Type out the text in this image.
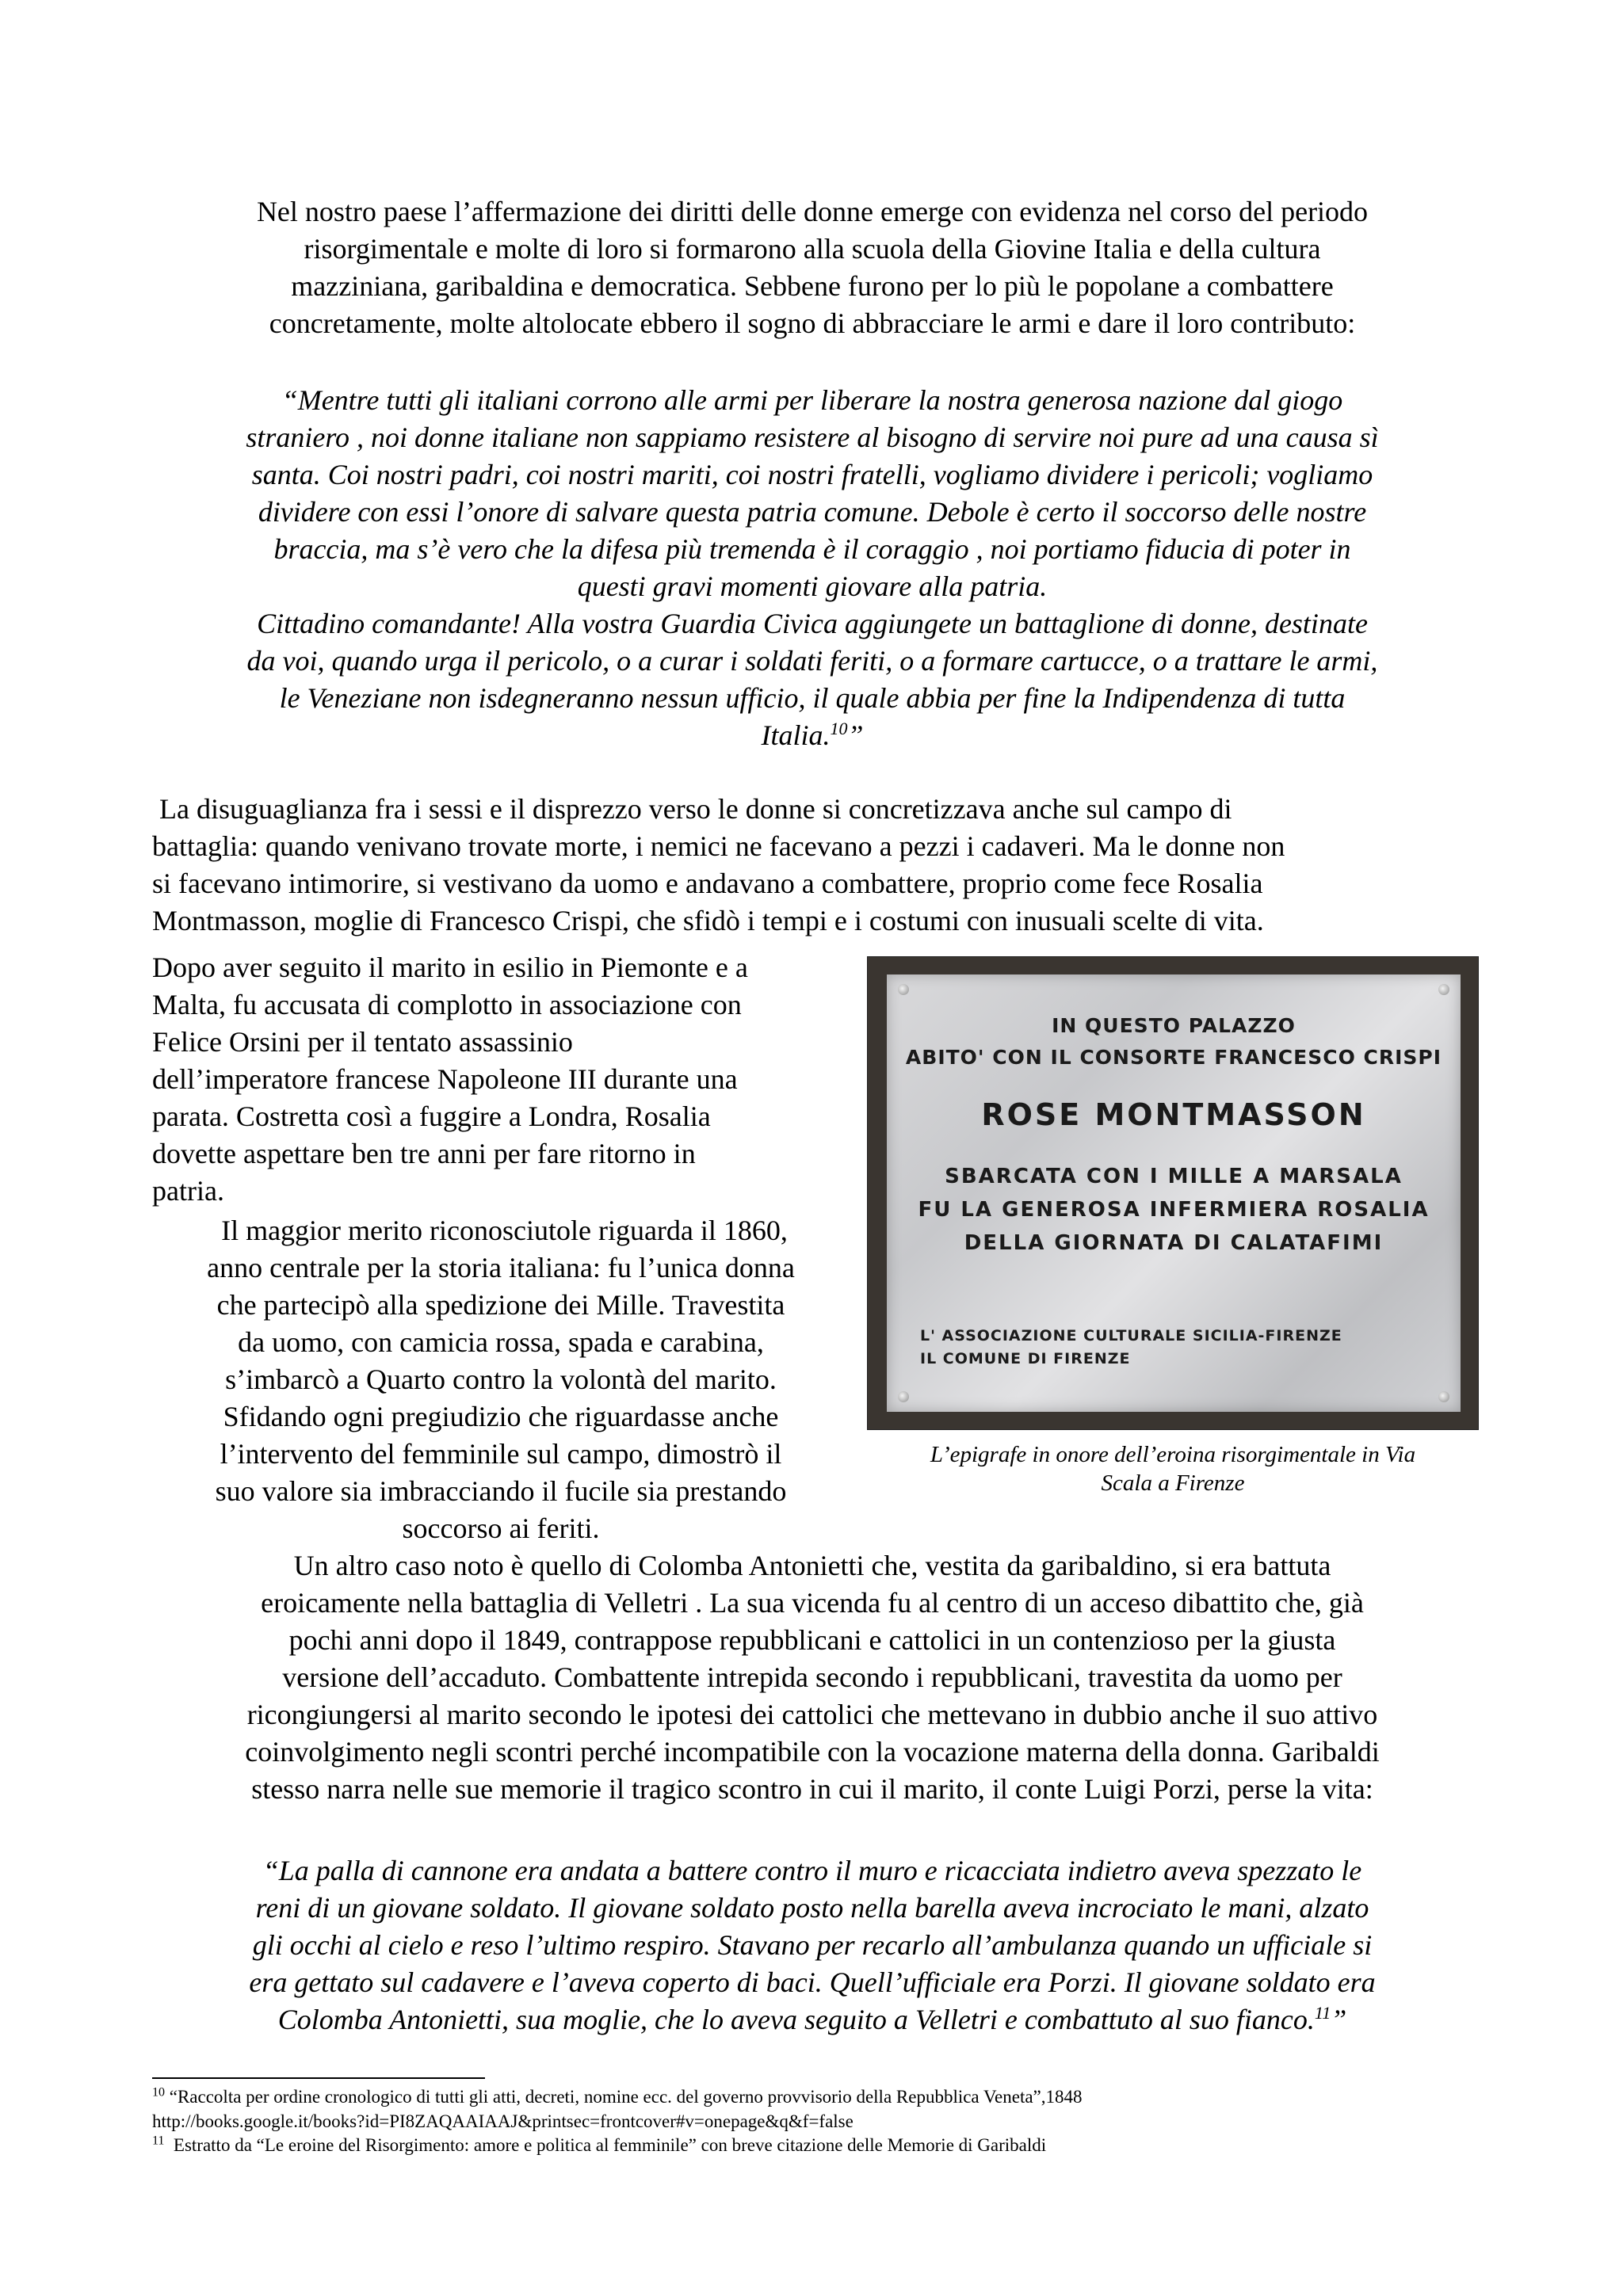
Nel nostro paese l’affermazione dei diritti delle donne emerge con evidenza nel corso del periodo
risorgimentale e molte di loro si formarono alla scuola della Giovine Italia e della cultura
mazziniana, garibaldina e democratica. Sebbene furono per lo più le popolane a combattere
concretamente, molte altolocate ebbero il sogno di abbracciare le armi e dare il loro contributo:

“Mentre tutti gli italiani corrono alle armi per liberare la nostra generosa nazione dal giogo
straniero , noi donne italiane non sappiamo resistere al bisogno di servire noi pure ad una causa sì
santa. Coi nostri padri, coi nostri mariti, coi nostri fratelli, vogliamo dividere i pericoli; vogliamo
dividere con essi l’onore di salvare questa patria comune. Debole è certo il soccorso delle nostre
braccia, ma s’è vero che la difesa più tremenda è il coraggio , noi portiamo fiducia di poter in
questi gravi momenti giovare alla patria.
Cittadino comandante! Alla vostra Guardia Civica aggiungete un battaglione di donne, destinate
da voi, quando urga il pericolo, o a curar i soldati feriti, o a formare cartucce, o a trattare le armi,
le Veneziane non isdegneranno nessun ufficio, il quale abbia per fine la Indipendenza di tutta
Italia.$^{10}$”

La disuguaglianza fra i sessi e il disprezzo verso le donne si concretizzava anche sul campo di
battaglia: quando venivano trovate morte, i nemici ne facevano a pezzi i cadaveri. Ma le donne non
si facevano intimorire, si vestivano da uomo e andavano a combattere, proprio come fece Rosalia
Montmasson, moglie di Francesco Crispi, che sfidò i tempi e i costumi con inusuali scelte di vita.

Dopo aver seguito il marito in esilio in Piemonte e a
Malta, fu accusata di complotto in associazione con
Felice Orsini per il tentato assassinio
dell’imperatore francese Napoleone III durante una
parata. Costretta così a fuggire a Londra, Rosalia
dovette aspettare ben tre anni per fare ritorno in
patria.

Il maggior merito riconosciutole riguarda il 1860,
anno centrale per la storia italiana: fu l’unica donna
che partecipò alla spedizione dei Mille. Travestita
da uomo, con camicia rossa, spada e carabina,
s’imbarcò a Quarto contro la volontà del marito.
Sfidando ogni pregiudizio che riguardasse anche
l’intervento del femminile sul campo, dimostrò il
suo valore sia imbracciando il fucile sia prestando
soccorso ai feriti.

IN QUESTO PALAZZO
ABITO' CON IL CONSORTE FRANCESCO CRISPI
ROSE MONTMASSON
SBARCATA CON I MILLE A MARSALA
FU LA GENEROSA INFERMIERA ROSALIA
DELLA GIORNATA DI CALATAFIMI
L' ASSOCIAZIONE CULTURALE SICILIA-FIRENZE
IL COMUNE DI FIRENZE

L’epigrafe in onore dell’eroina risorgimentale in Via
Scala a Firenze

Un altro caso noto è quello di Colomba Antonietti che, vestita da garibaldino, si era battuta
eroicamente nella battaglia di Velletri . La sua vicenda fu al centro di un acceso dibattito che, già
pochi anni dopo il 1849, contrappose repubblicani e cattolici in un contenzioso per la giusta
versione dell’accaduto. Combattente intrepida secondo i repubblicani, travestita da uomo per
ricongiungersi al marito secondo le ipotesi dei cattolici che mettevano in dubbio anche il suo attivo
coinvolgimento negli scontri perché incompatibile con la vocazione materna della donna. Garibaldi
stesso narra nelle sue memorie il tragico scontro in cui il marito, il conte Luigi Porzi, perse la vita:

“La palla di cannone era andata a battere contro il muro e ricacciata indietro aveva spezzato le
reni di un giovane soldato. Il giovane soldato posto nella barella aveva incrociato le mani, alzato
gli occhi al cielo e reso l’ultimo respiro. Stavano per recarlo all’ambulanza quando un ufficiale si
era gettato sul cadavere e l’aveva coperto di baci. Quell’ufficiale era Porzi. Il giovane soldato era
Colomba Antonietti, sua moglie, che lo aveva seguito a Velletri e combattuto al suo fianco.$^{11}$”

$^{10}$ “Raccolta per ordine cronologico di tutti gli atti, decreti, nomine ecc. del governo provvisorio della Repubblica Veneta”,1848

http://books.google.it/books?id=PI8ZAQAAIAAJ&printsec=frontcover#v=onepage&q&f=false

$^{11}$  Estratto da “Le eroine del Risorgimento: amore e politica al femminile” con breve citazione delle Memorie di Garibaldi
